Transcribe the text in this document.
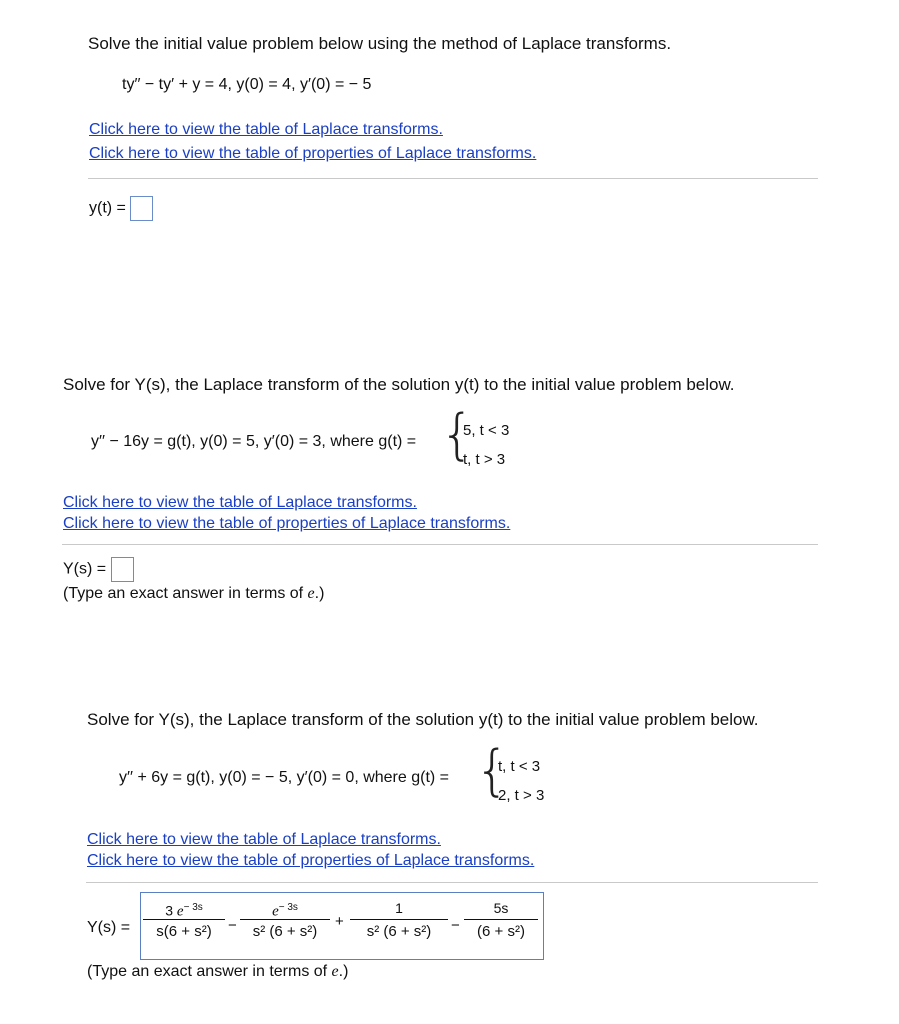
Solve the initial value problem below using the method of Laplace transforms.
ty′′ − ty′ + y = 4, y(0) = 4, y′(0) = − 5
Click here to view the table of Laplace transforms.
Click here to view the table of properties of Laplace transforms.
y(t) =
Solve for Y(s), the Laplace transform of the solution y(t) to the initial value problem below.
y′′ − 16y = g(t), y(0) = 5, y′(0) = 3, where g(t) = {
5, t < 3
t, t > 3
Click here to view the table of Laplace transforms.
Click here to view the table of properties of Laplace transforms.
Y(s) =
(Type an exact answer in terms of e.)
Solve for Y(s), the Laplace transform of the solution y(t) to the initial value problem below.
y′′ + 6y = g(t), y(0) = − 5, y′(0) = 0, where g(t) = {
t, t < 3
2, t > 3
Click here to view the table of Laplace transforms.
Click here to view the table of properties of Laplace transforms.
Y(s) =
3 $e^{- 3s}$
s(6 + s²)	−
$e^{- 3s}$
s² (6 + s²)
+
1
s² (6 + s²)	−
5s
(6 + s²)
(Type an exact answer in terms of e.)
